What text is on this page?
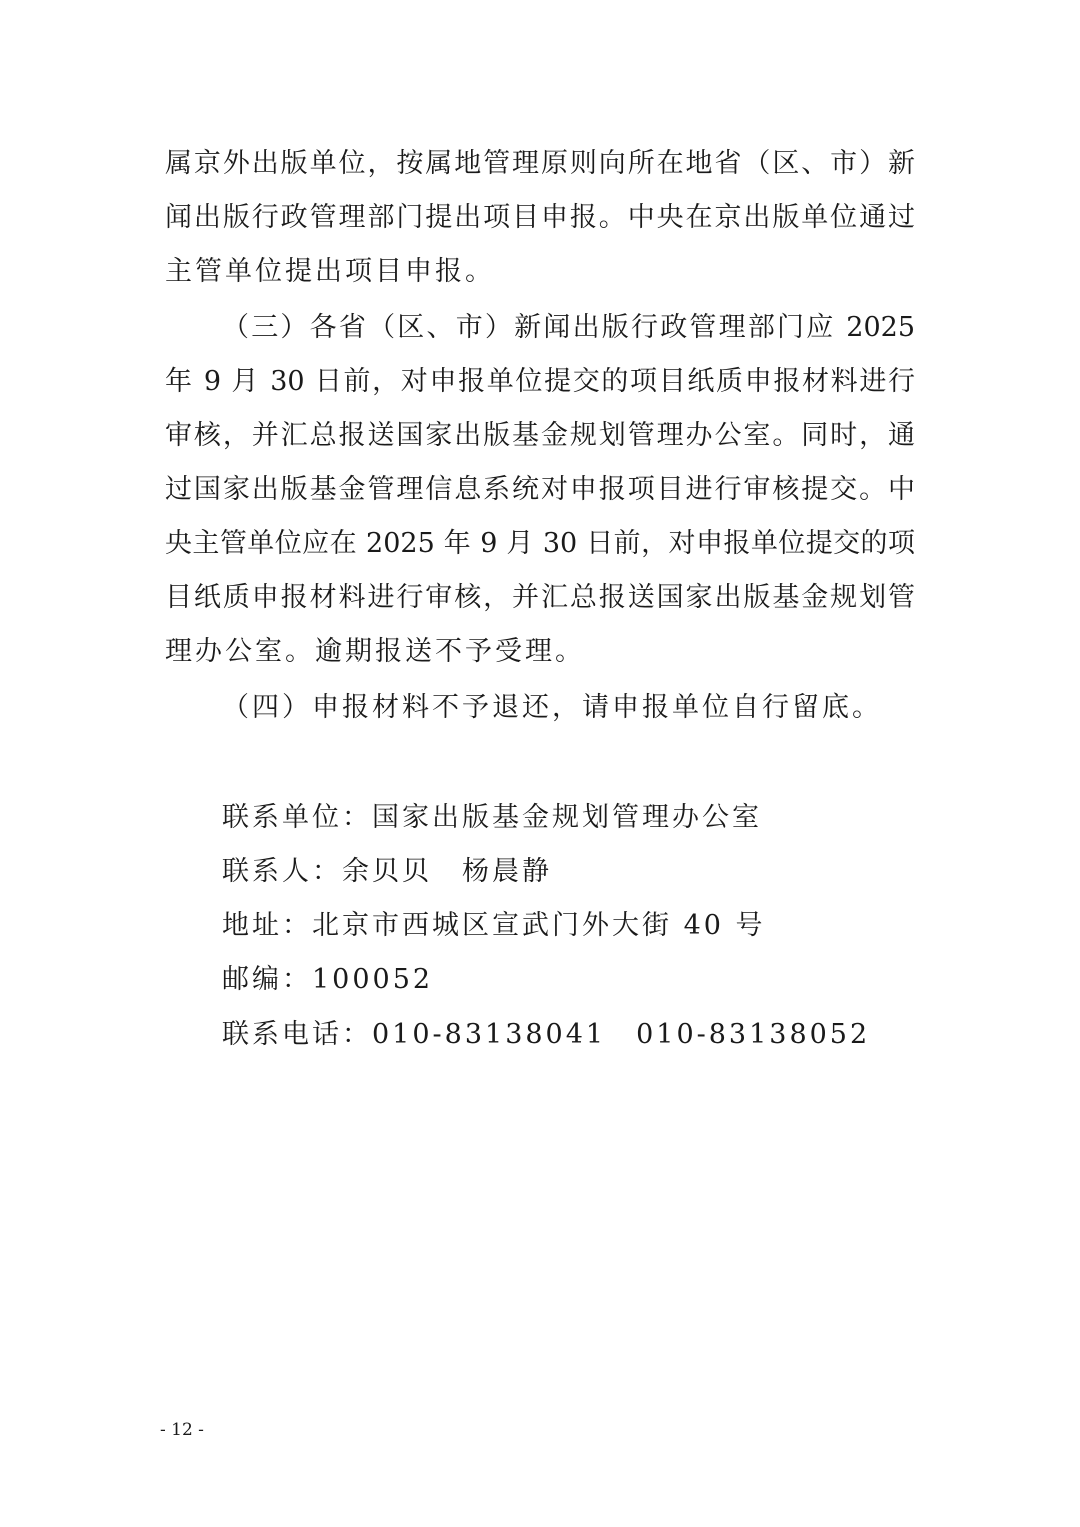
属京外出版单位，按属地管理原则向所在地省（区、市）新
闻出版行政管理部门提出项目申报。中央在京出版单位通过
主管单位提出项目申报。
（三）各省（区、市）新闻出版行政管理部门应 2025
年 9 月 30 日前，对申报单位提交的项目纸质申报材料进行
审核，并汇总报送国家出版基金规划管理办公室。同时，通
过国家出版基金管理信息系统对申报项目进行审核提交。中
央主管单位应在 2025 年 9 月 30 日前，对申报单位提交的项
目纸质申报材料进行审核，并汇总报送国家出版基金规划管
理办公室。逾期报送不予受理。
（四）申报材料不予退还，请申报单位自行留底。
联系单位：国家出版基金规划管理办公室
联系人：余贝贝　杨晨静
地址：北京市西城区宣武门外大街 40 号
邮编：100052
联系电话：010-83138041　010-83138052
- 12 -
